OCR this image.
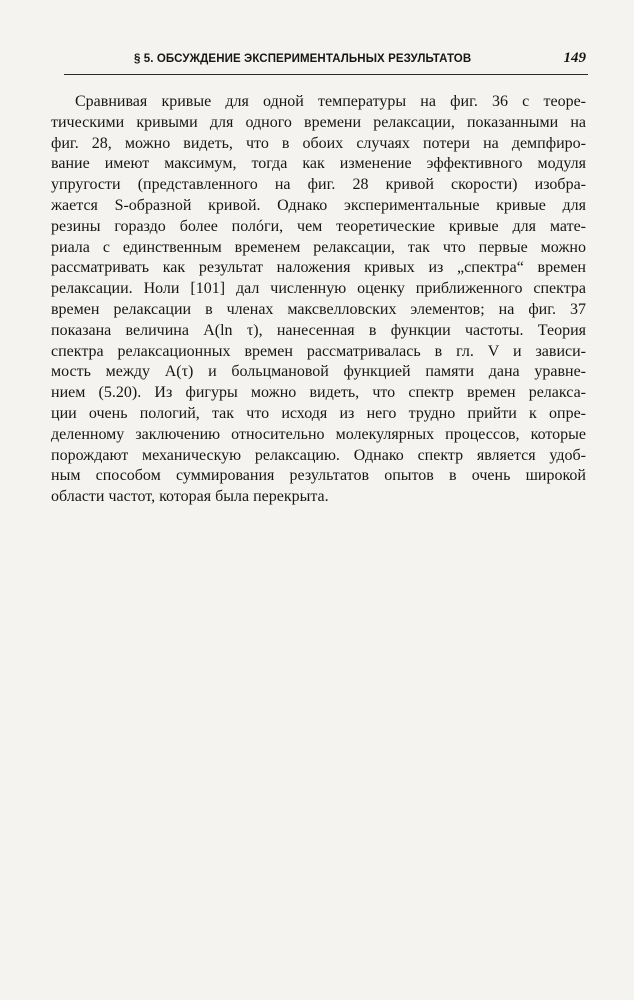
§ 5. ОБСУЖДЕНИЕ ЭКСПЕРИМЕНТАЛЬНЫХ РЕЗУЛЬТАТОВ	149
Сравнивая кривые для одной температуры на фиг. 36 с теоре-
тическими кривыми для одного времени релаксации, показанными на
фиг. 28, можно видеть, что в обоих случаях потери на демпфиро-
вание имеют максимум, тогда как изменение эффективного модуля
упругости (представленного на фиг. 28 кривой скорости) изобра-
жается S-образной кривой. Однако экспериментальные кривые для
резины гораздо более полóги, чем теоретические кривые для мате-
риала с единственным временем релаксации, так что первые можно
рассматривать как результат наложения кривых из „спектра“ времен
релаксации. Ноли [101] дал численную оценку приближенного спектра
времен релаксации в членах максвелловских элементов; на фиг. 37
показана величина A(ln τ), нанесенная в функции частоты. Теория
спектра релаксационных времен рассматривалась в гл. V и зависи-
мость между A(τ) и больцмановой функцией памяти дана уравне-
нием (5.20). Из фигуры можно видеть, что спектр времен релакса-
ции очень пологий, так что исходя из него трудно прийти к опре-
деленному заключению относительно молекулярных процессов, которые
порождают механическую релаксацию. Однако спектр является удоб-
ным способом суммирования результатов опытов в очень широкой
области частот, которая была перекрыта.
